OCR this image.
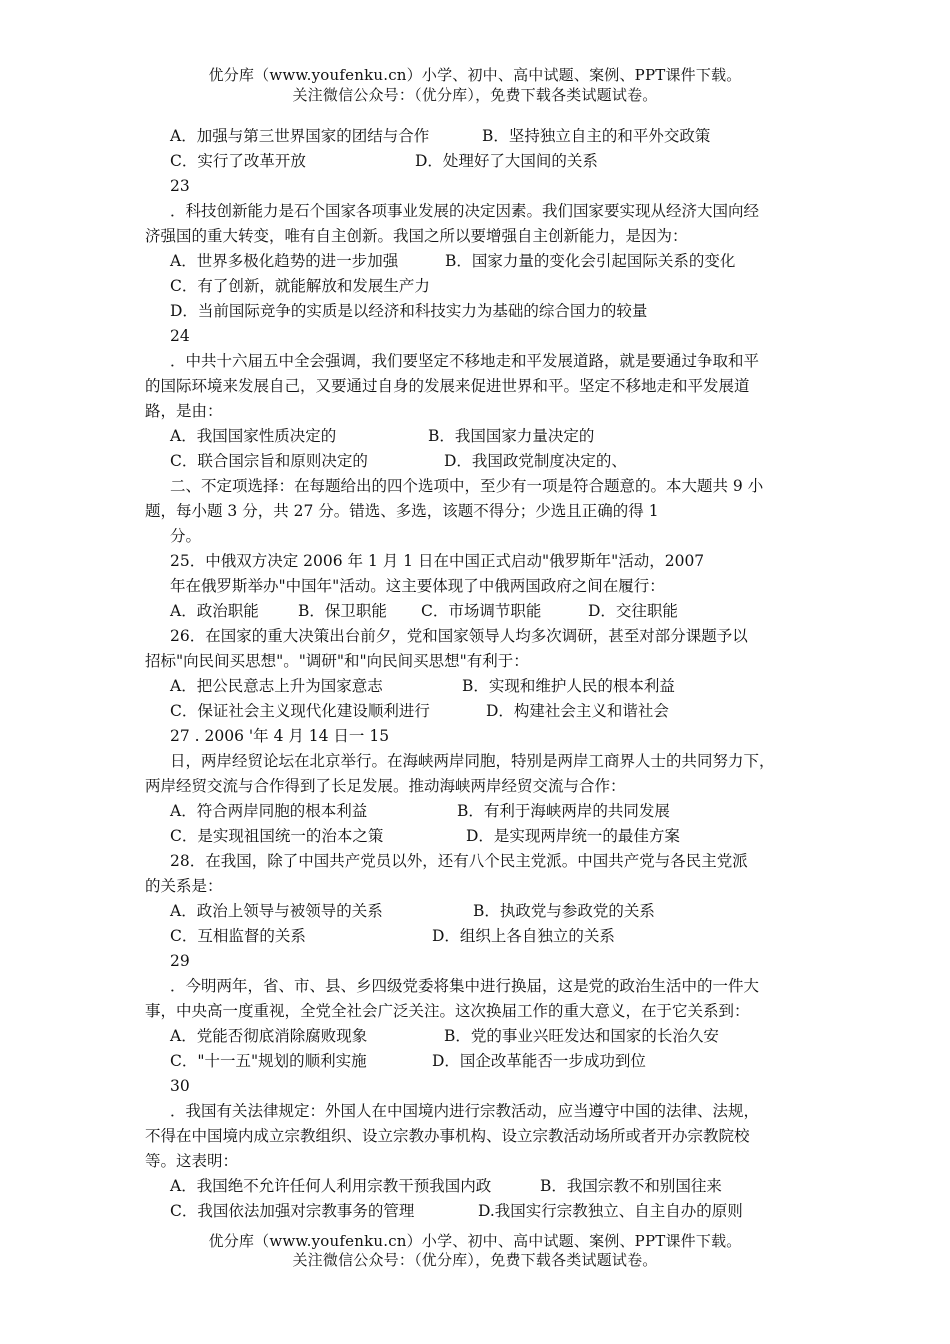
优分库（www.youfenku.cn）小学、初中、高中试题、案例、PPT课件下载。
关注微信公众号：（优分库），免费下载各类试题试卷。
A．加强与第三世界国家的团结与合作	B．坚持独立自主的和平外交政策
C．实行了改革开放	D．处理好了大国间的关系
23
．科技创新能力是石个国家各项事业发展的决定因素。我们国家要实现从经济大国向经
济强国的重大转变，唯有自主创新。我国之所以要增强自主创新能力，是因为：
A．世界多极化趋势的进一步加强	B．国家力量的变化会引起国际关系的变化
C．有了创新，就能解放和发展生产力
D．当前国际竞争的实质是以经济和科技实力为基础的综合国力的较量
24
．中共十六届五中全会强调，我们要坚定不移地走和平发展道路，就是要通过争取和平
的国际环境来发展自己，又要通过自身的发展来促进世界和平。坚定不移地走和平发展道
路，是由：
A．我国国家性质决定的	B．我国国家力量决定的
C．联合国宗旨和原则决定的	D．我国政党制度决定的、
二、不定项选择：在每题给出的四个选项中，至少有一项是符合题意的。本大题共 9 小
题，每小题 3 分，共 27 分。错选、多选，该题不得分；少选且正确的得 1
分。
25．中俄双方决定 2006 年 1 月 1 日在中国正式启动"俄罗斯年"活动，2007
年在俄罗斯举办"中国年"活动。这主要体现了中俄两国政府之间在履行：
A．政治职能	B．保卫职能 C．市场调节职能	D．交往职能
26．在国家的重大决策出台前夕，党和国家领导人均多次调研，甚至对部分课题予以
招标"向民间买思想"。"调研"和"向民间买思想"有利于：
A．把公民意志上升为国家意志	B．实现和维护人民的根本利益
C．保证社会主义现代化建设顺利进行	D．构建社会主义和谐社会
27 . 2006 '年 4 月 14 日一 15
日，两岸经贸论坛在北京举行。在海峡两岸同胞，特别是两岸工商界人士的共同努力下，
两岸经贸交流与合作得到了长足发展。推动海峡两岸经贸交流与合作：
A．符合两岸同胞的根本利益	B．有利于海峡两岸的共同发展
C．是实现祖国统一的治本之策	D．是实现两岸统一的最佳方案
28．在我国，除了中国共产党员以外，还有八个民主党派。中国共产党与各民主党派
的关系是：
A．政治上领导与被领导的关系	B．执政党与参政党的关系
C．互相监督的关系	D．组织上各自独立的关系
29
．今明两年，省、市、县、乡四级党委将集中进行换届，这是党的政治生活中的一件大
事，中央高一度重视，全党全社会广泛关注。这次换届工作的重大意义，在于它关系到：
A．党能否彻底消除腐败现象	B．党的事业兴旺发达和国家的长治久安
C．"十一五"规划的顺利实施	D．国企改革能否一步成功到位
30
．我国有关法律规定：外国人在中国境内进行宗教活动，应当遵守中国的法律、法规，
不得在中国境内成立宗教组织、设立宗教办事机构、设立宗教活动场所或者开办宗教院校
等。这表明：
A．我国绝不允许任何人利用宗教干预我国内政	B．我国宗教不和别国往来
C．我国依法加强对宗教事务的管理	D.我国实行宗教独立、自主自办的原则
优分库（www.youfenku.cn）小学、初中、高中试题、案例、PPT课件下载。
关注微信公众号：（优分库），免费下载各类试题试卷。
